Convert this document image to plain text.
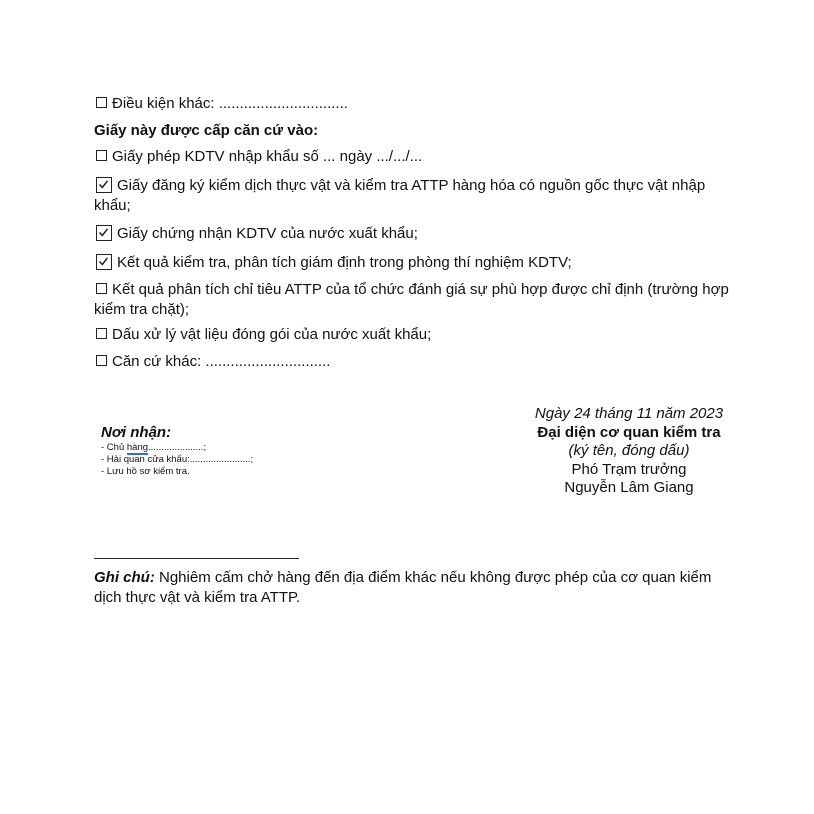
Điều kiện khác: ...............................
Giấy này được cấp căn cứ vào:
Giấy phép KDTV nhập khẩu số ... ngày .../.../...
Giấy đăng ký kiểm dịch thực vật và kiểm tra ATTP hàng hóa có nguồn gốc thực vật nhập khẩu;
Giấy chứng nhận KDTV của nước xuất khẩu;
Kết quả kiểm tra, phân tích giám định trong phòng thí nghiệm KDTV;
Kết quả phân tích chỉ tiêu ATTP của tổ chức đánh giá sự phù hợp được chỉ định (trường hợp kiểm tra chặt);
Dấu xử lý vật liệu đóng gói của nước xuất khẩu;
Căn cứ khác: ..............................
Nơi nhận:
- Chủ hàng.....................;
- Hải quan cửa khẩu:.......................;
- Lưu hồ sơ kiểm tra.
Ngày 24 tháng 11 năm 2023
Đại diện cơ quan kiểm tra
(ký tên, đóng dấu)
Phó Trạm trưởng
Nguyễn Lâm Giang
Ghi chú: Nghiêm cấm chở hàng đến địa điểm khác nếu không được phép của cơ quan kiểm dịch thực vật và kiểm tra ATTP.
